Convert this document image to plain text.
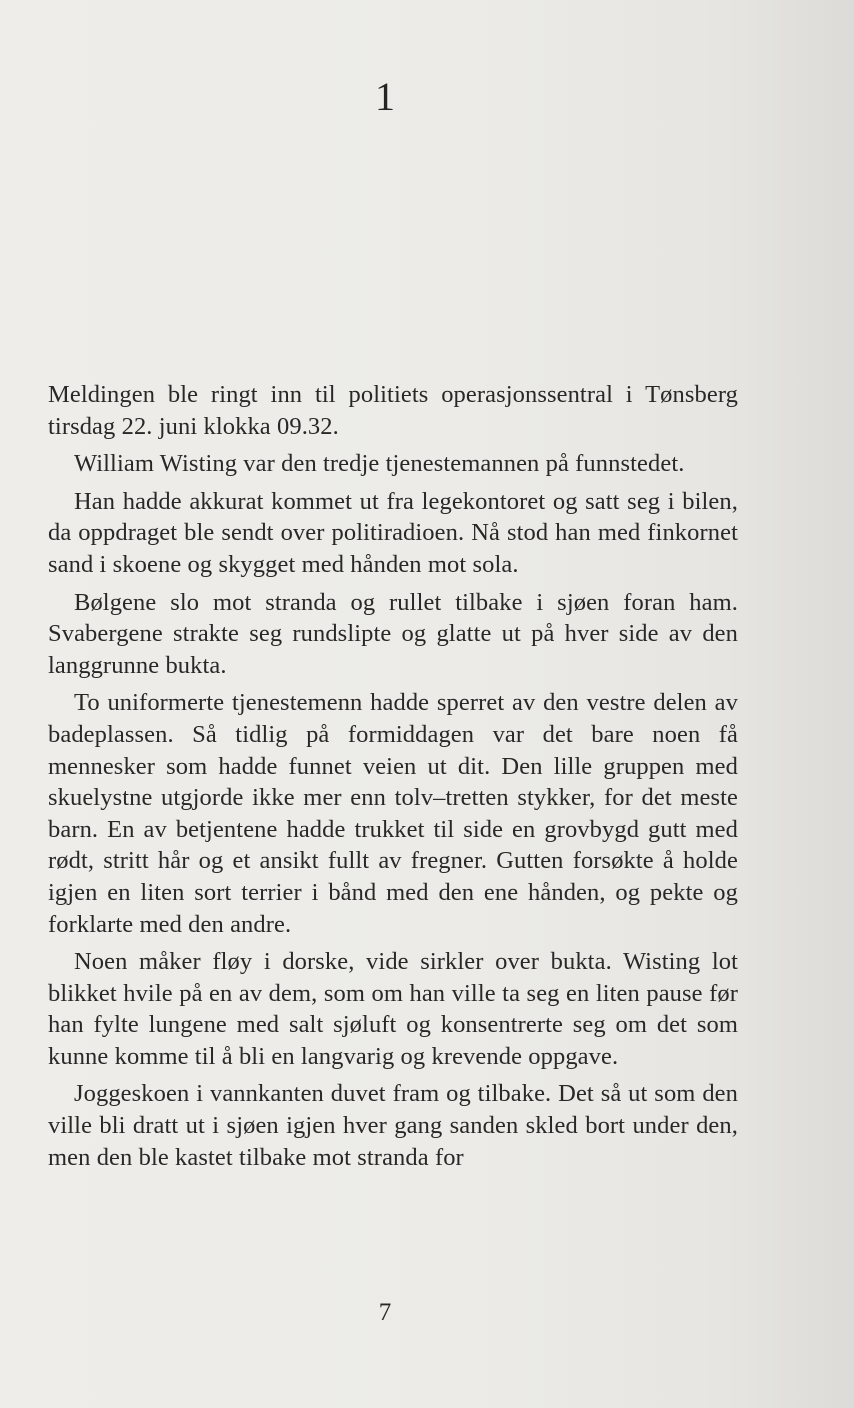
1

Meldingen ble ringt inn til politiets operasjonssentral i Tønsberg tirsdag 22. juni klokka 09.32.

William Wisting var den tredje tjenestemannen på funnstedet.

Han hadde akkurat kommet ut fra legekontoret og satt seg i bilen, da oppdraget ble sendt over politiradioen. Nå stod han med finkornet sand i skoene og skygget med hånden mot sola.

Bølgene slo mot stranda og rullet tilbake i sjøen foran ham. Svabergene strakte seg rundslipte og glatte ut på hver side av den langgrunne bukta.

To uniformerte tjenestemenn hadde sperret av den vestre delen av badeplassen. Så tidlig på formiddagen var det bare noen få mennesker som hadde funnet veien ut dit. Den lille gruppen med skuelystne utgjorde ikke mer enn tolv–tretten stykker, for det meste barn. En av betjentene hadde trukket til side en grovbygd gutt med rødt, stritt hår og et ansikt fullt av fregner. Gutten forsøkte å holde igjen en liten sort terrier i bånd med den ene hånden, og pekte og forklarte med den andre.

Noen måker fløy i dorske, vide sirkler over bukta. Wisting lot blikket hvile på en av dem, som om han ville ta seg en liten pause før han fylte lungene med salt sjøluft og konsentrerte seg om det som kunne komme til å bli en langvarig og krevende oppgave.

Joggeskoen i vannkanten duvet fram og tilbake. Det så ut som den ville bli dratt ut i sjøen igjen hver gang sanden skled bort under den, men den ble kastet tilbake mot stranda for

7
